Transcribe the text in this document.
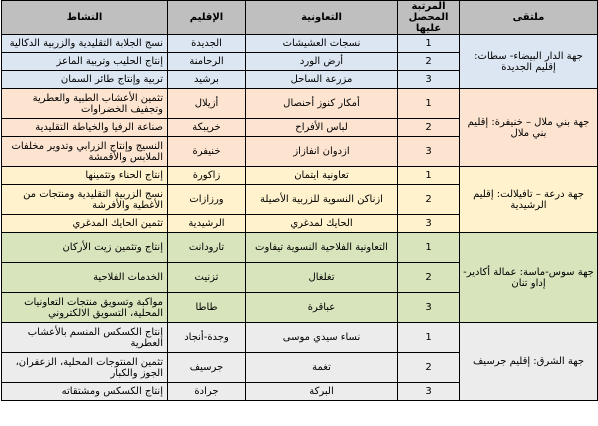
ملتقى	المرتبة المحصل عليها	التعاونية	الإقليم	النشاط
جهة الدار البيضاء- سطات: إقليم الجديدة	1	نسجات العشيشات	الجديدة	نسج الجلابة التقليدية والزربية الدكالية
	2	أرض الورد	الرحامنة	إنتاج الحليب وتربية الماعز
	3	مزرعة الساحل	برشيد	تربية وإنتاج طائر السمان
جهة بني ملال – خنيفرة: إقليم بني ملال	1	أمكار كنوز أحنصال	أزيلال	تثمين الأعشاب الطبية والعطرية وتجفيف الخضراوات
	2	لباس الأفراح	خريبكة	صناعة الرفيا والخياطة التقليدية
	3	ازدوان انفازاز	خنيفرة	النسيج وإنتاج الزرابي وتدوير مخلفات الملابس والأقمشة
جهة درعة – تافيلالت: إقليم الرشيدية	1	تعاونية ايتمان	زاكورة	إنتاج الحناء وتثمينها
	2	ازناكن النسوية للزربية الأصيلة	ورزازات	نسج الزربية التقليدية ومنتجات من الأغطية والأفرشة
	3	الحايك لمدغري	الرشيدية	تثمين الحايك المدغري
جهة سوس-ماسة: عمالة أكادير-إداو تنان	1	التعاونية الفلاحية النسوية تيفاوت	تارودانت	إنتاج وتثمين زيت الأركان
	2	تغلغال	تزنيت	الخدمات الفلاحية
	3	عباقرة	طاطا	مواكبة وتسويق منتجات التعاونيات المحلية، التسويق الالكتروني
جهة الشرق: إقليم جرسيف	1	نساء سيدي موسى	وجدة-أنجاد	إنتاج الكسكس المنسم بالأعشاب العطرية
	2	تغمة	جرسيف	تثمين المنتوجات المحلية، الزعفران، الجوز والكبار
	3	البركة	جرادة	إنتاج الكسكس ومشتقاته
